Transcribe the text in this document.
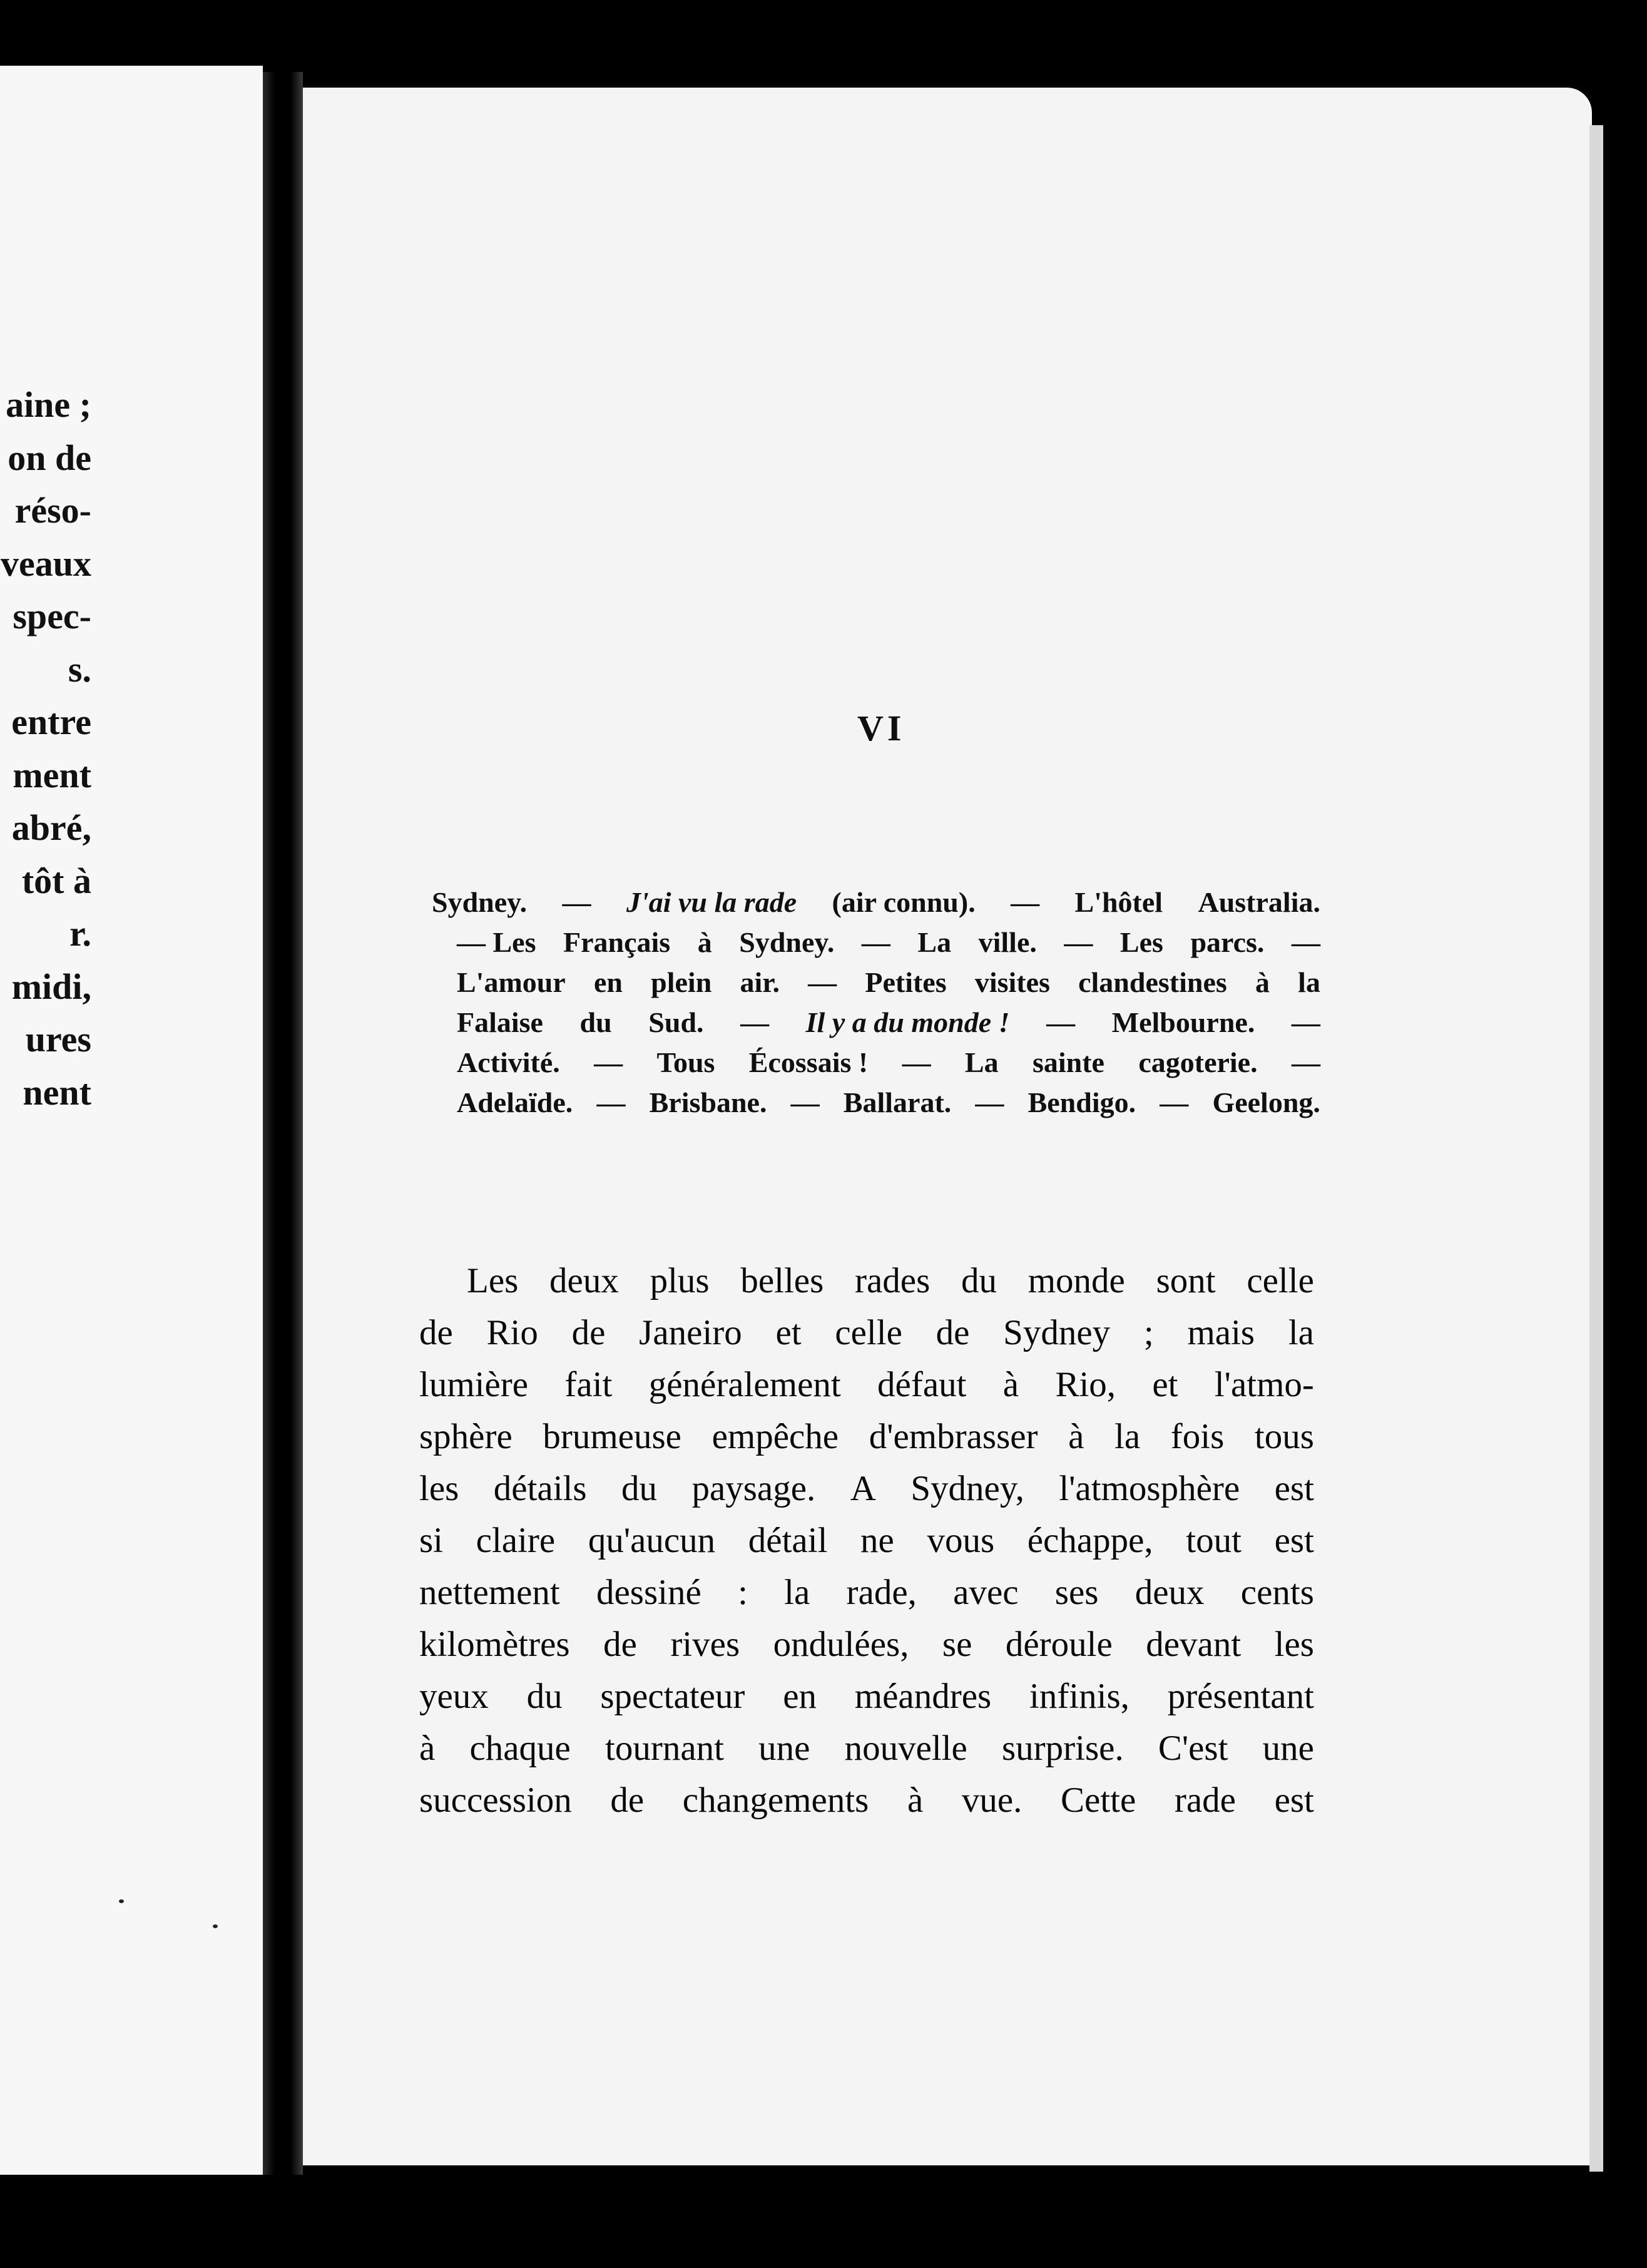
aine ;
on de
réso-
veaux
spec-
s.
entre
ment
abré,
tôt à
r.
midi,
ures
nent
VI
Sydney. — J'ai vu la rade (air connu). — L'hôtel Australia.
— Les Français à Sydney. — La ville. — Les parcs. —
L'amour en plein air. — Petites visites clandestines à la
Falaise du Sud. — Il y a du monde ! — Melbourne. —
Activité. — Tous Écossais ! — La sainte cagoterie. —
Adelaïde. — Brisbane. — Ballarat. — Bendigo. — Geelong.
Les deux plus belles rades du monde sont celle
de Rio de Janeiro et celle de Sydney ; mais la
lumière fait généralement défaut à Rio, et l'atmo-
sphère brumeuse empêche d'embrasser à la fois tous
les détails du paysage. A Sydney, l'atmosphère est
si claire qu'aucun détail ne vous échappe, tout est
nettement dessiné : la rade, avec ses deux cents
kilomètres de rives ondulées, se déroule devant les
yeux du spectateur en méandres infinis, présentant
à chaque tournant une nouvelle surprise. C'est une
succession de changements à vue. Cette rade est
